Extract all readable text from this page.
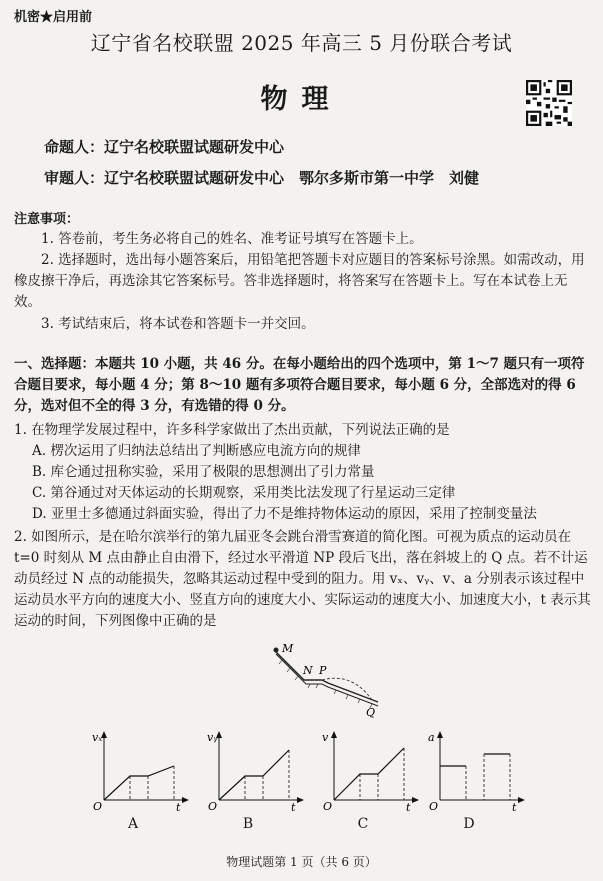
机密★启用前
辽宁省名校联盟 2025 年高三 5 月份联合考试
物理
命题人：辽宁名校联盟试题研发中心
审题人：辽宁名校联盟试题研发中心　鄂尔多斯市第一中学　刘健
注意事项：
1. 答卷前，考生务必将自己的姓名、准考证号填写在答题卡上。
2. 选择题时，选出每小题答案后，用铅笔把答题卡对应题目的答案标号涂黑。如需改动，用橡皮擦干净后，再选涂其它答案标号。答非选择题时，将答案写在答题卡上。写在本试卷上无效。
3. 考试结束后，将本试卷和答题卡一并交回。
一、选择题：本题共 10 小题，共 46 分。在每小题给出的四个选项中，第 1～7 题只有一项符合题目要求，每小题 4 分；第 8～10 题有多项符合题目要求，每小题 6 分，全部选对的得 6 分，选对但不全的得 3 分，有选错的得 0 分。
1. 在物理学发展过程中，许多科学家做出了杰出贡献，下列说法正确的是
A. 楞次运用了归纳法总结出了判断感应电流方向的规律
B. 库仑通过扭称实验，采用了极限的思想测出了引力常量
C. 第谷通过对天体运动的长期观察，采用类比法发现了行星运动三定律
D. 亚里士多德通过斜面实验，得出了力不是维持物体运动的原因，采用了控制变量法
2. 如图所示，是在哈尔滨举行的第九届亚冬会跳台滑雪赛道的简化图。可视为质点的运动员在 t=0 时刻从 M 点由静止自由滑下，经过水平滑道 NP 段后飞出，落在斜坡上的 Q 点。若不计运动员经过 N 点的动能损失，忽略其运动过程中受到的阻力。用 vₓ、vᵧ、v、a 分别表示该过程中运动员水平方向的速度大小、竖直方向的速度大小、实际运动的速度大小、加速度大小，t 表示其运动的时间，下列图像中正确的是
M
N P
Q
vₓ
O	t
A
vᵧ
O	t
B
v
O	t
C
a
O	t
D
物理试题第 1 页（共 6 页）
